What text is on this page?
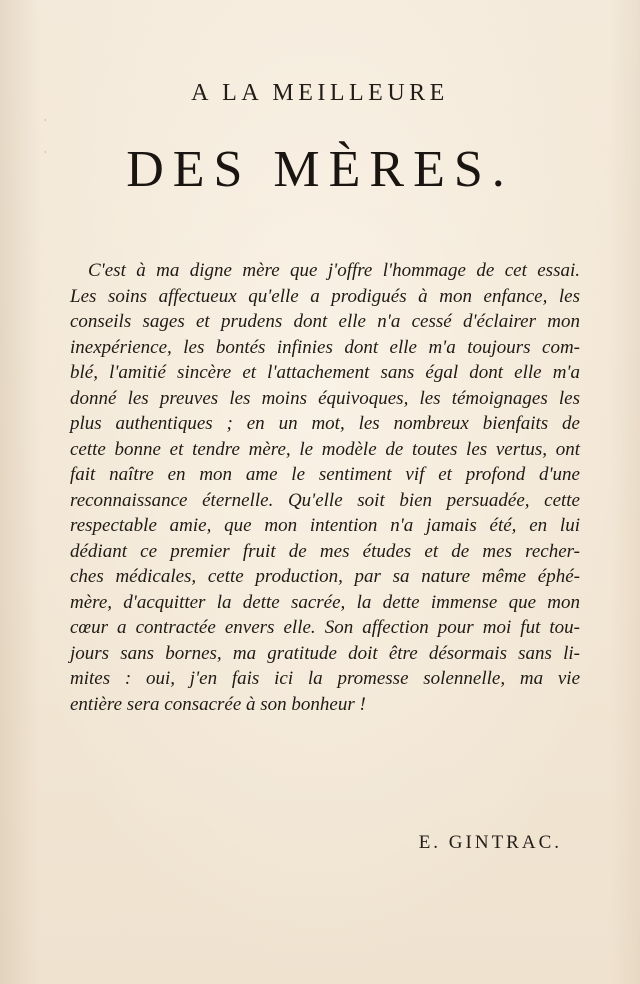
·
·
A LA MEILLEURE
DES MÈRES.
C'est à ma digne mère que j'offre l'hommage de cet essai.
Les soins affectueux qu'elle a prodigués à mon enfance, les
conseils sages et prudens dont elle n'a cessé d'éclairer mon
inexpérience, les bontés infinies dont elle m'a toujours com-
blé, l'amitié sincère et l'attachement sans égal dont elle m'a
donné les preuves les moins équivoques, les témoignages les
plus authentiques ; en un mot, les nombreux bienfaits de
cette bonne et tendre mère, le modèle de toutes les vertus, ont
fait naître en mon ame le sentiment vif et profond d'une
reconnaissance éternelle. Qu'elle soit bien persuadée, cette
respectable amie, que mon intention n'a jamais été, en lui
dédiant ce premier fruit de mes études et de mes recher-
ches médicales, cette production, par sa nature même éphé-
mère, d'acquitter la dette sacrée, la dette immense que mon
cœur a contractée envers elle. Son affection pour moi fut tou-
jours sans bornes, ma gratitude doit être désormais sans li-
mites : oui, j'en fais ici la promesse solennelle, ma vie
entière sera consacrée à son bonheur !
E. GINTRAC.
